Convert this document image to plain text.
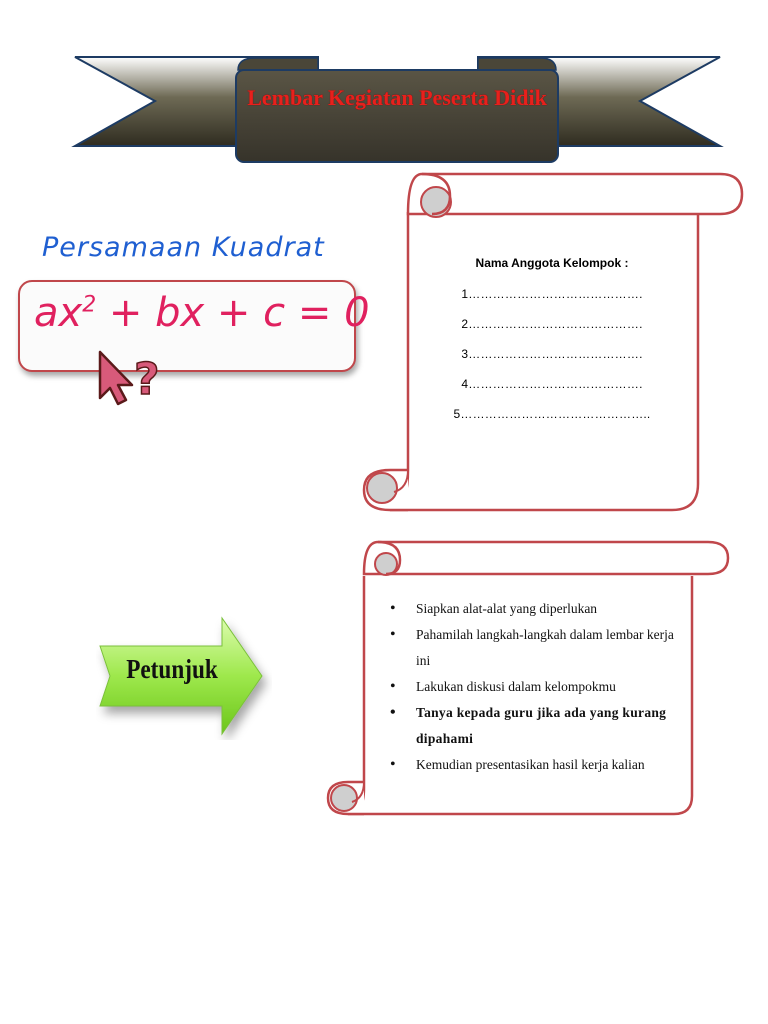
Lembar Kegiatan Peserta Didik
Persamaan Kuadrat
$ax^2$ + bx + c = 0
?
Nama Anggota Kelompok :
1…………………………………….
2…………………………………….
3…………………………………….
4…………………………………….
5………………………………………..
• Siapkan alat-alat yang diperlukan
• Pahamilah langkah-langkah dalam lembar kerja ini
• Lakukan diskusi dalam kelompokmu
• Tanya kepada guru jika ada yang kurang dipahami
• Kemudian presentasikan hasil kerja kalian
Petunjuk
